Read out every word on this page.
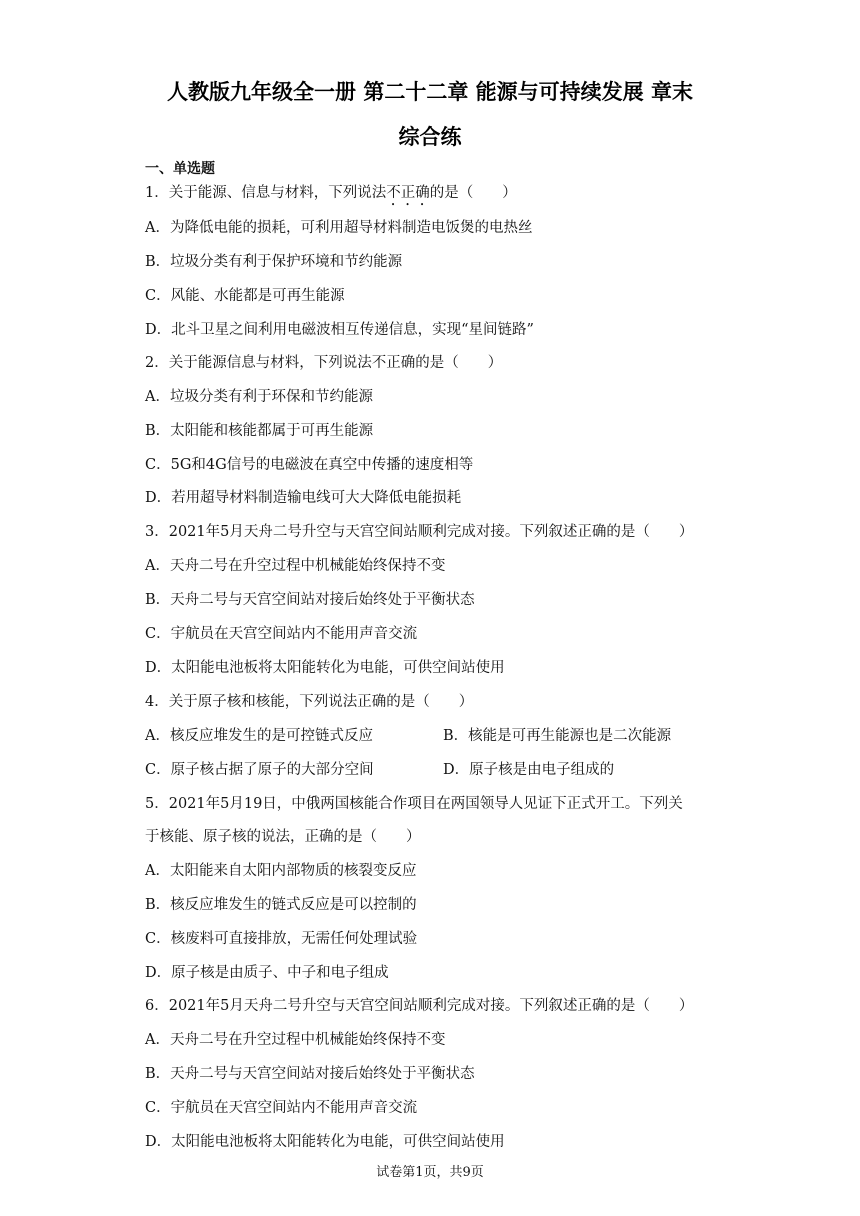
人教版九年级全一册 第二十二章 能源与可持续发展 章末
综合练
一、单选题
1．关于能源、信息与材料，下列说法不正确的是（　　）
A．为降低电能的损耗，可利用超导材料制造电饭煲的电热丝
B．垃圾分类有利于保护环境和节约能源
C．风能、水能都是可再生能源
D．北斗卫星之间利用电磁波相互传递信息，实现“星间链路”
2．关于能源信息与材料，下列说法不正确的是（　　）
A．垃圾分类有利于环保和节约能源
B．太阳能和核能都属于可再生能源
C．5G和4G信号的电磁波在真空中传播的速度相等
D．若用超导材料制造输电线可大大降低电能损耗
3．2021年5月天舟二号升空与天宫空间站顺利完成对接。下列叙述正确的是（　　）
A．天舟二号在升空过程中机械能始终保持不变
B．天舟二号与天宫空间站对接后始终处于平衡状态
C．宇航员在天宫空间站内不能用声音交流
D．太阳能电池板将太阳能转化为电能，可供空间站使用
4．关于原子核和核能，下列说法正确的是（　　）
A．核反应堆发生的是可控链式反应	B．核能是可再生能源也是二次能源
C．原子核占据了原子的大部分空间	D．原子核是由电子组成的
5．2021年5月19日，中俄两国核能合作项目在两国领导人见证下正式开工。下列关
于核能、原子核的说法，正确的是（　　）
A．太阳能来自太阳内部物质的核裂变反应
B．核反应堆发生的链式反应是可以控制的
C．核废料可直接排放，无需任何处理试验
D．原子核是由质子、中子和电子组成
6．2021年5月天舟二号升空与天宫空间站顺利完成对接。下列叙述正确的是（　　）
A．天舟二号在升空过程中机械能始终保持不变
B．天舟二号与天宫空间站对接后始终处于平衡状态
C．宇航员在天宫空间站内不能用声音交流
D．太阳能电池板将太阳能转化为电能，可供空间站使用
试卷第1页，共9页
